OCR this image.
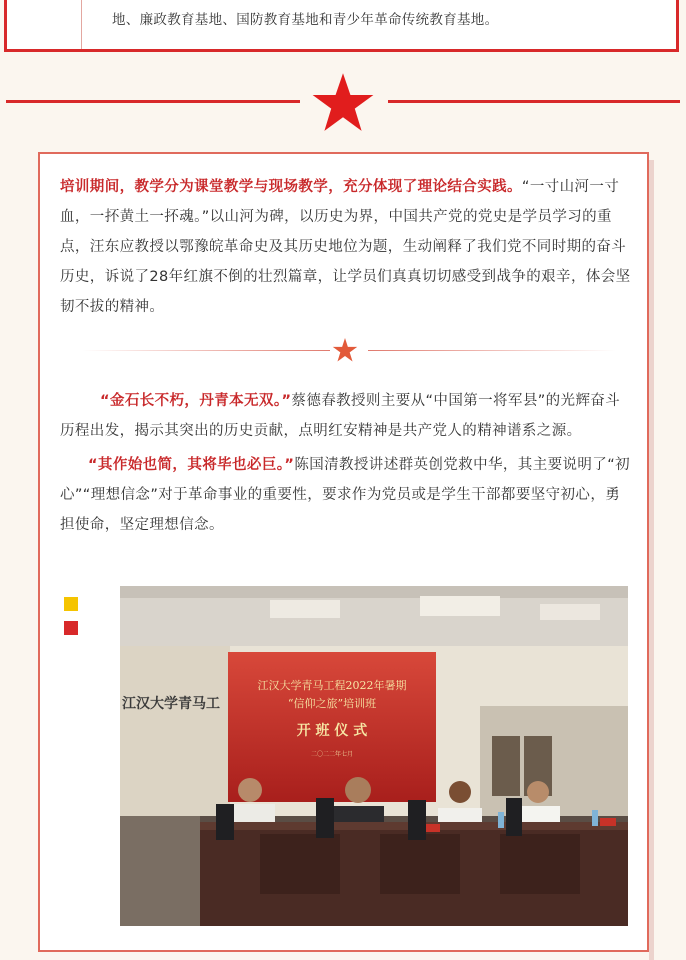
地、廉政教育基地、国防教育基地和青少年革命传统教育基地。
培训期间，教学分为课堂教学与现场教学，充分体现了理论结合实践。“一寸山河一寸血，一抔黄土一抔魂。”以山河为碑，以历史为界，中国共产党的党史是学员学习的重点，汪东应教授以鄂豫皖革命史及其历史地位为题，生动阐释了我们党不同时期的奋斗历史，诉说了28年红旗不倒的壮烈篇章，让学员们真真切切感受到战争的艰辛，体会坚韧不拔的精神。
“金石长不朽，丹青本无双。”蔡德春教授则主要从“中国第一将军县”的光辉奋斗历程出发，揭示其突出的历史贡献，点明红安精神是共产党人的精神谱系之源。
“其作始也简，其将毕也必巨。”陈国清教授讲述群英创党救中华，其主要说明了“初心”“理想信念”对于革命事业的重要性，要求作为党员或是学生干部都要坚守初心，勇担使命，坚定理想信念。
江汉大学青马工
江汉大学青马工程2022年暑期
“信仰之旅”培训班
开 班 仪 式
二〇二二年七月
